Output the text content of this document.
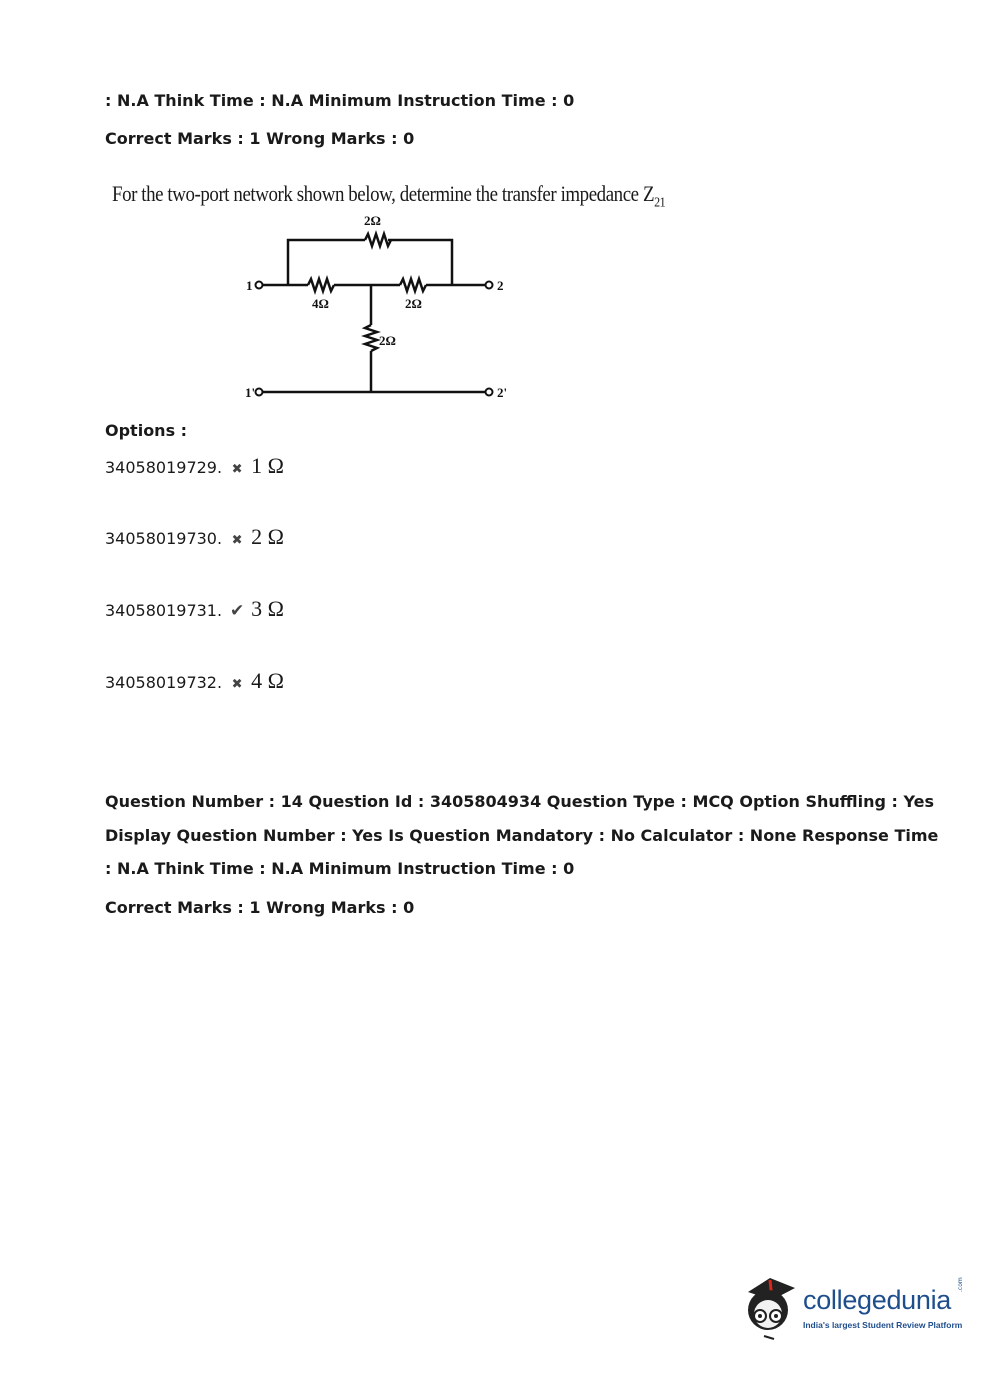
: N.A Think Time : N.A Minimum Instruction Time : 0
Correct Marks : 1 Wrong Marks : 0
For the two-port network shown below, determine the transfer impedance $Z_{21}$
1
1'
2
2'
2Ω
4Ω	2Ω
2Ω
Options :
34058019729. ✖ 1 Ω
34058019730. ✖ 2 Ω
34058019731. ✔ 3 Ω
34058019732. ✖ 4 Ω
Question Number : 14 Question Id : 3405804934 Question Type : MCQ Option Shuffling : Yes
Display Question Number : Yes Is Question Mandatory : No Calculator : None Response Time
: N.A Think Time : N.A Minimum Instruction Time : 0
Correct Marks : 1 Wrong Marks : 0
collegedunia
.com
India's largest Student Review Platform
